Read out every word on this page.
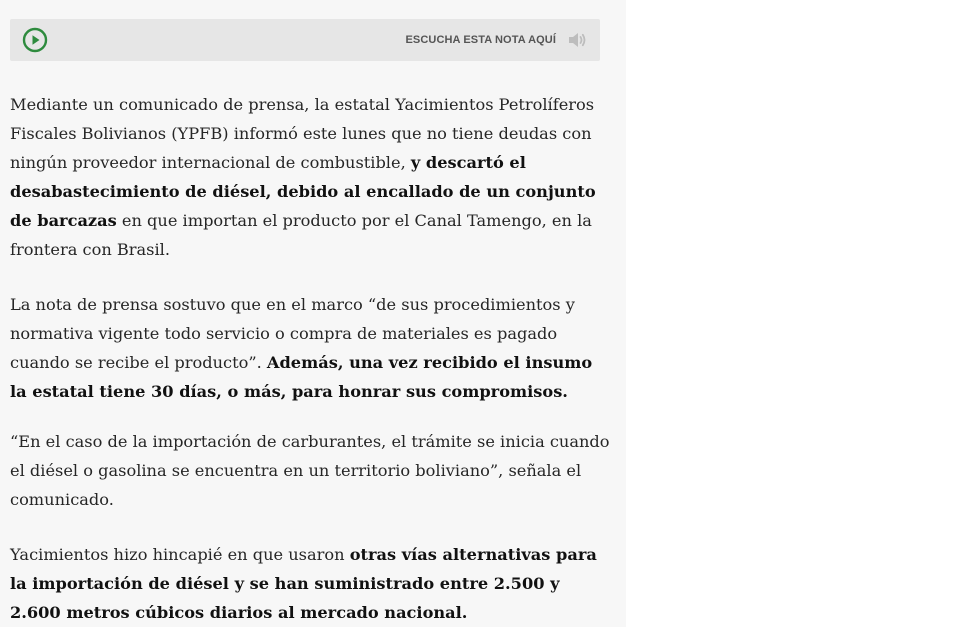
ESCUCHA ESTA NOTA AQUÍ

Mediante un comunicado de prensa, la estatal Yacimientos Petrolíferos Fiscales Bolivianos (YPFB) informó este lunes que no tiene deudas con ningún proveedor internacional de combustible, y descartó el desabastecimiento de diésel, debido al encallado de un conjunto de barcazas en que importan el producto por el Canal Tamengo, en la frontera con Brasil.

La nota de prensa sostuvo que en el marco “de sus procedimientos y normativa vigente todo servicio o compra de materiales es pagado cuando se recibe el producto”. Además, una vez recibido el insumo la estatal tiene 30 días, o más, para honrar sus compromisos.

“En el caso de la importación de carburantes, el trámite se inicia cuando el diésel o gasolina se encuentra en un territorio boliviano”, señala el comunicado.

Yacimientos hizo hincapié en que usaron otras vías alternativas para la importación de diésel y se han suministrado entre 2.500 y 2.600 metros cúbicos diarios al mercado nacional.
